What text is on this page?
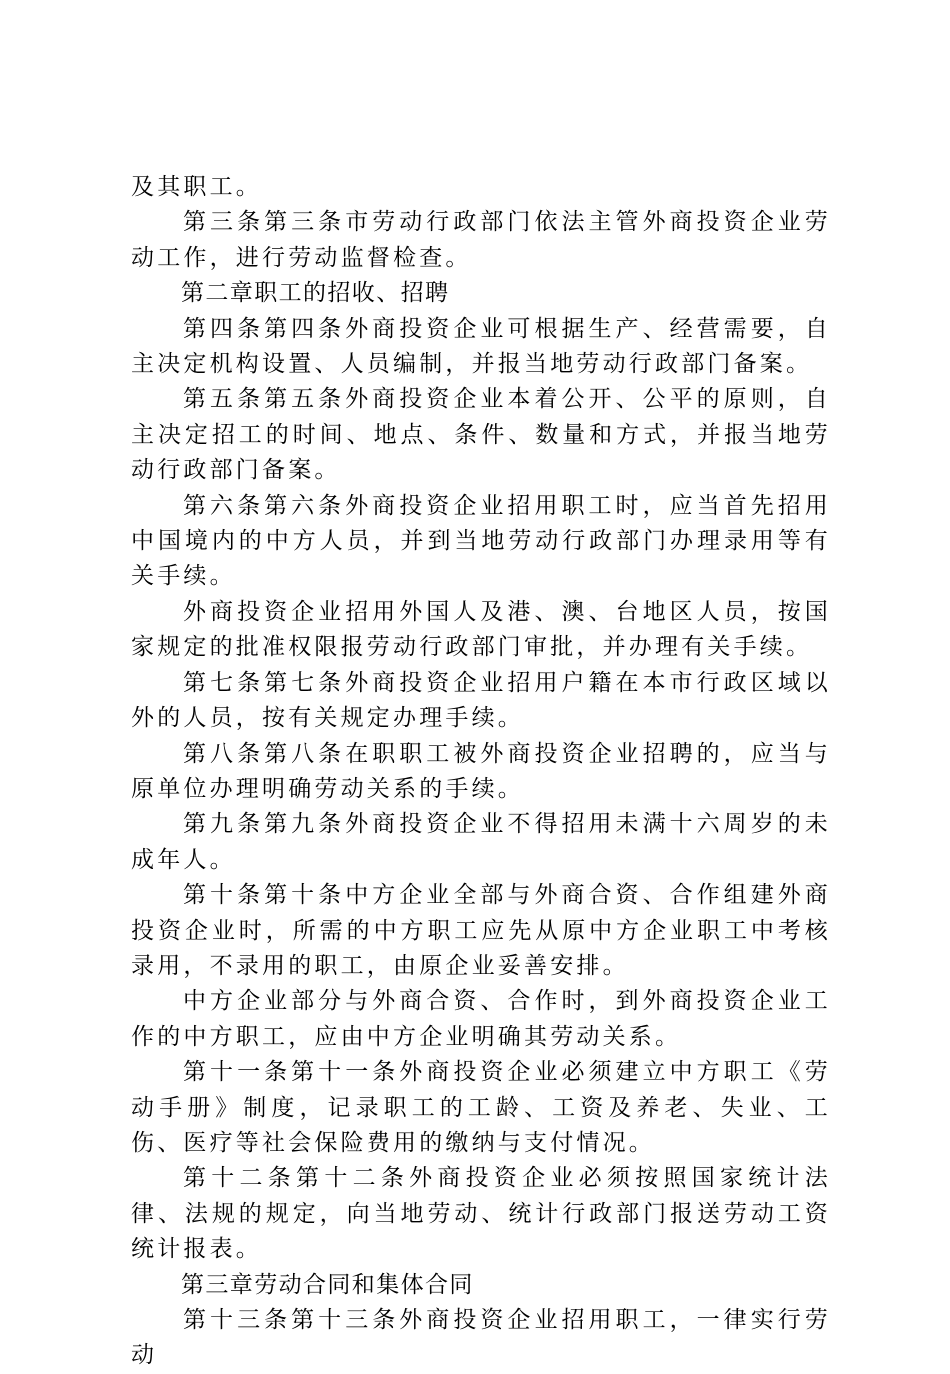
及其职工。

第三条第三条市劳动行政部门依法主管外商投资企业劳动工作，进行劳动监督检查。

第二章职工的招收、招聘

第四条第四条外商投资企业可根据生产、经营需要，自主决定机构设置、人员编制，并报当地劳动行政部门备案。

第五条第五条外商投资企业本着公开、公平的原则，自主决定招工的时间、地点、条件、数量和方式，并报当地劳动行政部门备案。

第六条第六条外商投资企业招用职工时，应当首先招用中国境内的中方人员，并到当地劳动行政部门办理录用等有关手续。

外商投资企业招用外国人及港、澳、台地区人员，按国家规定的批准权限报劳动行政部门审批，并办理有关手续。

第七条第七条外商投资企业招用户籍在本市行政区域以外的人员，按有关规定办理手续。

第八条第八条在职职工被外商投资企业招聘的，应当与原单位办理明确劳动关系的手续。

第九条第九条外商投资企业不得招用未满十六周岁的未成年人。

第十条第十条中方企业全部与外商合资、合作组建外商投资企业时，所需的中方职工应先从原中方企业职工中考核录用，不录用的职工，由原企业妥善安排。

中方企业部分与外商合资、合作时，到外商投资企业工作的中方职工，应由中方企业明确其劳动关系。

第十一条第十一条外商投资企业必须建立中方职工《劳动手册》制度，记录职工的工龄、工资及养老、失业、工伤、医疗等社会保险费用的缴纳与支付情况。

第十二条第十二条外商投资企业必须按照国家统计法律、法规的规定，向当地劳动、统计行政部门报送劳动工资统计报表。

第三章劳动合同和集体合同

第十三条第十三条外商投资企业招用职工，一律实行劳动
